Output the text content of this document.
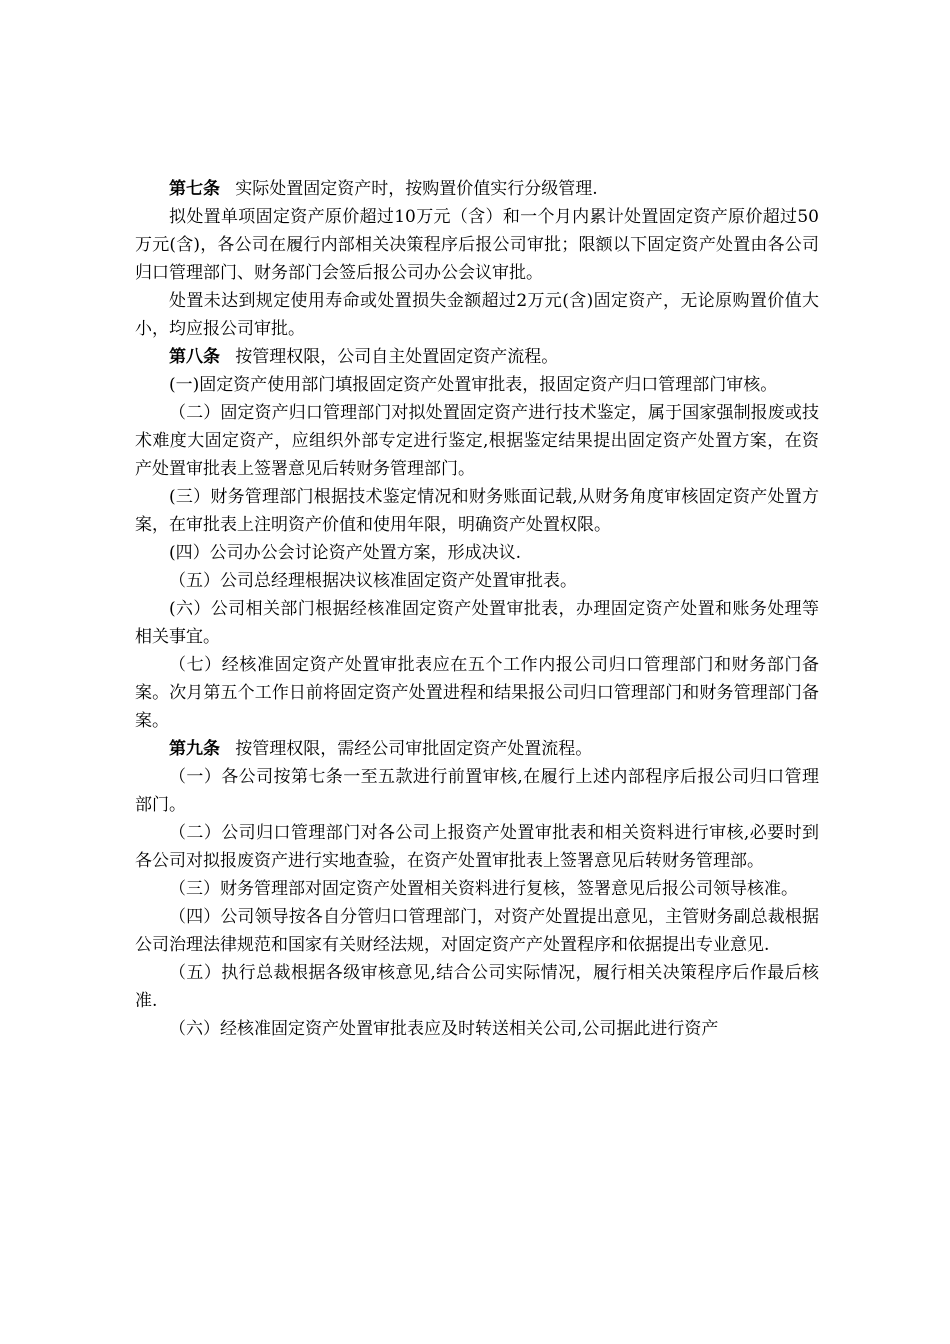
第七条 实际处置固定资产时，按购置价值实行分级管理.

拟处置单项固定资产原价超过10万元（含）和一个月内累计处置固定资产原价超过50万元(含)，各公司在履行内部相关决策程序后报公司审批；限额以下固定资产处置由各公司归口管理部门、财务部门会签后报公司办公会议审批。

处置未达到规定使用寿命或处置损失金额超过2万元(含)固定资产，无论原购置价值大小，均应报公司审批。

第八条 按管理权限，公司自主处置固定资产流程。

(一)固定资产使用部门填报固定资产处置审批表，报固定资产归口管理部门审核。

（二）固定资产归口管理部门对拟处置固定资产进行技术鉴定，属于国家强制报废或技术难度大固定资产，应组织外部专定进行鉴定,根据鉴定结果提出固定资产处置方案，在资产处置审批表上签署意见后转财务管理部门。

(三）财务管理部门根据技术鉴定情况和财务账面记载,从财务角度审核固定资产处置方案，在审批表上注明资产价值和使用年限，明确资产处置权限。

(四）公司办公会讨论资产处置方案，形成决议.

（五）公司总经理根据决议核准固定资产处置审批表。

(六）公司相关部门根据经核准固定资产处置审批表，办理固定资产处置和账务处理等相关事宜。

（七）经核准固定资产处置审批表应在五个工作内报公司归口管理部门和财务部门备案。次月第五个工作日前将固定资产处置进程和结果报公司归口管理部门和财务管理部门备案。

第九条 按管理权限，需经公司审批固定资产处置流程。

（一）各公司按第七条一至五款进行前置审核,在履行上述内部程序后报公司归口管理部门。

（二）公司归口管理部门对各公司上报资产处置审批表和相关资料进行审核,必要时到各公司对拟报废资产进行实地查验，在资产处置审批表上签署意见后转财务管理部。

（三）财务管理部对固定资产处置相关资料进行复核，签署意见后报公司领导核准。

（四）公司领导按各自分管归口管理部门，对资产处置提出意见，主管财务副总裁根据公司治理法律规范和国家有关财经法规，对固定资产产处置程序和依据提出专业意见.

（五）执行总裁根据各级审核意见,结合公司实际情况，履行相关决策程序后作最后核准.

（六）经核准固定资产处置审批表应及时转送相关公司,公司据此进行资产
